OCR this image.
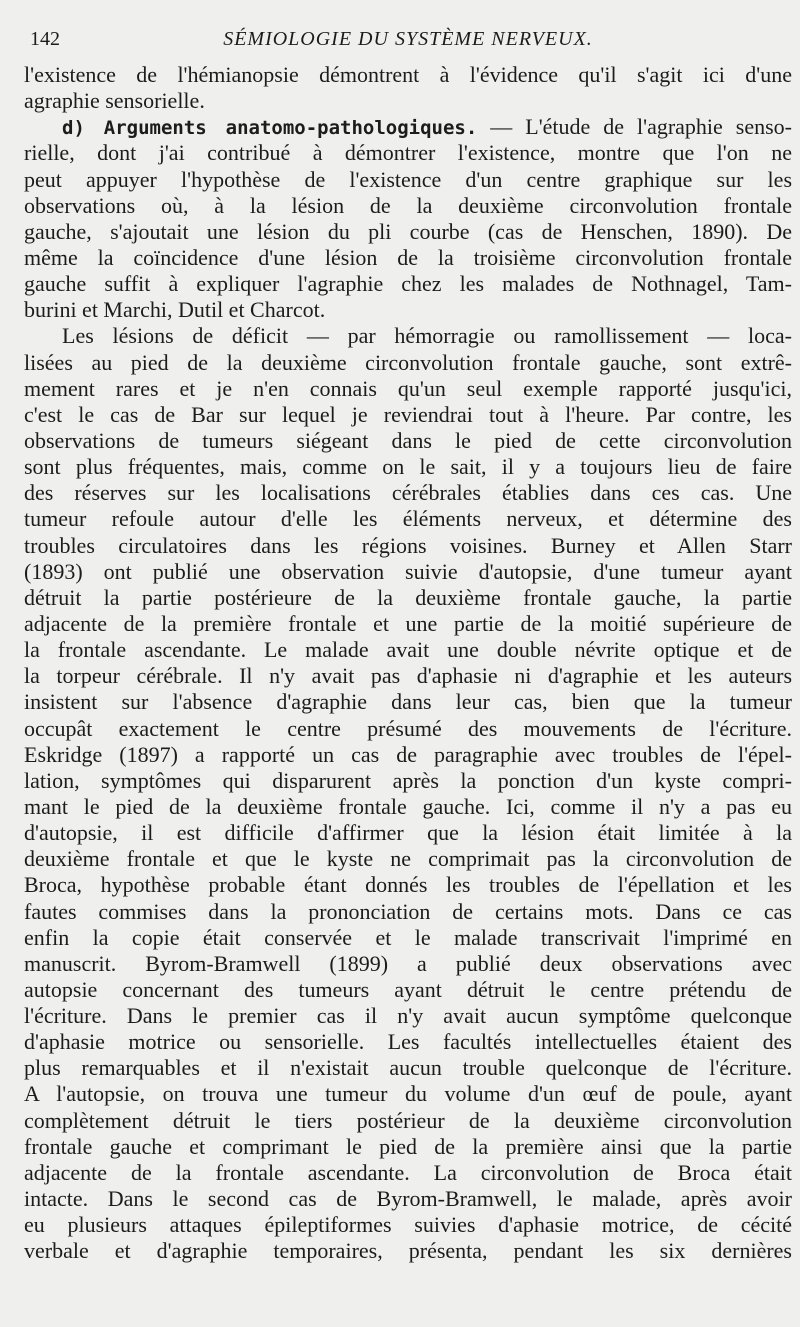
142	SÉMIOLOGIE DU SYSTÈME NERVEUX.
l'existence de l'hémianopsie démontrent à l'évidence qu'il s'agit ici d'une
agraphie sensorielle.
d) Arguments anatomo-pathologiques. — L'étude de l'agraphie senso-
rielle, dont j'ai contribué à démontrer l'existence, montre que l'on ne
peut appuyer l'hypothèse de l'existence d'un centre graphique sur les
observations où, à la lésion de la deuxième circonvolution frontale
gauche, s'ajoutait une lésion du pli courbe (cas de Henschen, 1890). De
même la coïncidence d'une lésion de la troisième circonvolution frontale
gauche suffit à expliquer l'agraphie chez les malades de Nothnagel, Tam-
burini et Marchi, Dutil et Charcot.
Les lésions de déficit — par hémorragie ou ramollissement — loca-
lisées au pied de la deuxième circonvolution frontale gauche, sont extrê-
mement rares et je n'en connais qu'un seul exemple rapporté jusqu'ici,
c'est le cas de Bar sur lequel je reviendrai tout à l'heure. Par contre, les
observations de tumeurs siégeant dans le pied de cette circonvolution
sont plus fréquentes, mais, comme on le sait, il y a toujours lieu de faire
des réserves sur les localisations cérébrales établies dans ces cas. Une
tumeur refoule autour d'elle les éléments nerveux, et détermine des
troubles circulatoires dans les régions voisines. Burney et Allen Starr
(1893) ont publié une observation suivie d'autopsie, d'une tumeur ayant
détruit la partie postérieure de la deuxième frontale gauche, la partie
adjacente de la première frontale et une partie de la moitié supérieure de
la frontale ascendante. Le malade avait une double névrite optique et de
la torpeur cérébrale. Il n'y avait pas d'aphasie ni d'agraphie et les auteurs
insistent sur l'absence d'agraphie dans leur cas, bien que la tumeur
occupât exactement le centre présumé des mouvements de l'écriture.
Eskridge (1897) a rapporté un cas de paragraphie avec troubles de l'épel-
lation, symptômes qui disparurent après la ponction d'un kyste compri-
mant le pied de la deuxième frontale gauche. Ici, comme il n'y a pas eu
d'autopsie, il est difficile d'affirmer que la lésion était limitée à la
deuxième frontale et que le kyste ne comprimait pas la circonvolution de
Broca, hypothèse probable étant donnés les troubles de l'épellation et les
fautes commises dans la prononciation de certains mots. Dans ce cas
enfin la copie était conservée et le malade transcrivait l'imprimé en
manuscrit. Byrom-Bramwell (1899) a publié deux observations avec
autopsie concernant des tumeurs ayant détruit le centre prétendu de
l'écriture. Dans le premier cas il n'y avait aucun symptôme quelconque
d'aphasie motrice ou sensorielle. Les facultés intellectuelles étaient des
plus remarquables et il n'existait aucun trouble quelconque de l'écriture.
A l'autopsie, on trouva une tumeur du volume d'un œuf de poule, ayant
complètement détruit le tiers postérieur de la deuxième circonvolution
frontale gauche et comprimant le pied de la première ainsi que la partie
adjacente de la frontale ascendante. La circonvolution de Broca était
intacte. Dans le second cas de Byrom-Bramwell, le malade, après avoir
eu plusieurs attaques épileptiformes suivies d'aphasie motrice, de cécité
verbale et d'agraphie temporaires, présenta, pendant les six dernières
